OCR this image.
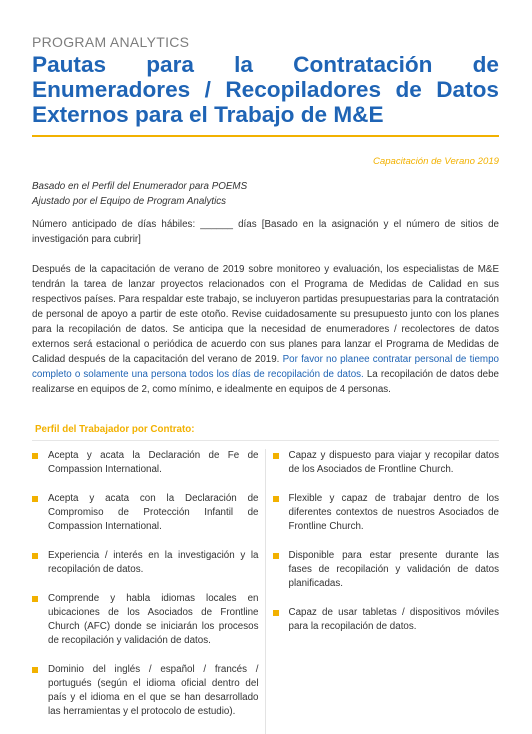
PROGRAM ANALYTICS
Pautas para la Contratación de Enumeradores / Recopiladores de Datos Externos para el Trabajo de M&E
Capacitación de Verano 2019
Basado en el Perfil del Enumerador para POEMS
Ajustado por el Equipo de Program Analytics

Número anticipado de días hábiles: ______ días [Basado en la asignación y el número de sitios de investigación para cubrir]

Después de la capacitación de verano de 2019 sobre monitoreo y evaluación, los especialistas de M&E tendrán la tarea de lanzar proyectos relacionados con el Programa de Medidas de Calidad en sus respectivos países. Para respaldar este trabajo, se incluyeron partidas presupuestarias para la contratación de personal de apoyo a partir de este otoño. Revise cuidadosamente su presupuesto junto con los planes para la recopilación de datos. Se anticipa que la necesidad de enumeradores / recolectores de datos externos será estacional o periódica de acuerdo con sus planes para lanzar el Programa de Medidas de Calidad después de la capacitación del verano de 2019. Por favor no planee contratar personal de tiempo completo o solamente una persona todos los días de recopilación de datos. La recopilación de datos debe realizarse en equipos de 2, como mínimo, e idealmente en equipos de 4 personas.

Perfil del Trabajador por Contrato:
Acepta y acata la Declaración de Fe de Compassion International.
Acepta y acata con la Declaración de Compromiso de Protección Infantil de Compassion International.
Experiencia / interés en la investigación y la recopilación de datos.
Comprende y habla idiomas locales en ubicaciones de los Asociados de Frontline Church (AFC) donde se iniciarán los procesos de recopilación y validación de datos.
Dominio del inglés / español / francés / portugués (según el idioma oficial dentro del país y el idioma en el que se han desarrollado las herramientas y el protocolo de estudio).
Capaz y dispuesto para viajar y recopilar datos de los Asociados de Frontline Church.
Flexible y capaz de trabajar dentro de los diferentes contextos de nuestros Asociados de Frontline Church.
Disponible para estar presente durante las fases de recopilación y validación de datos planificadas.
Capaz de usar tabletas / dispositivos móviles para la recopilación de datos.
